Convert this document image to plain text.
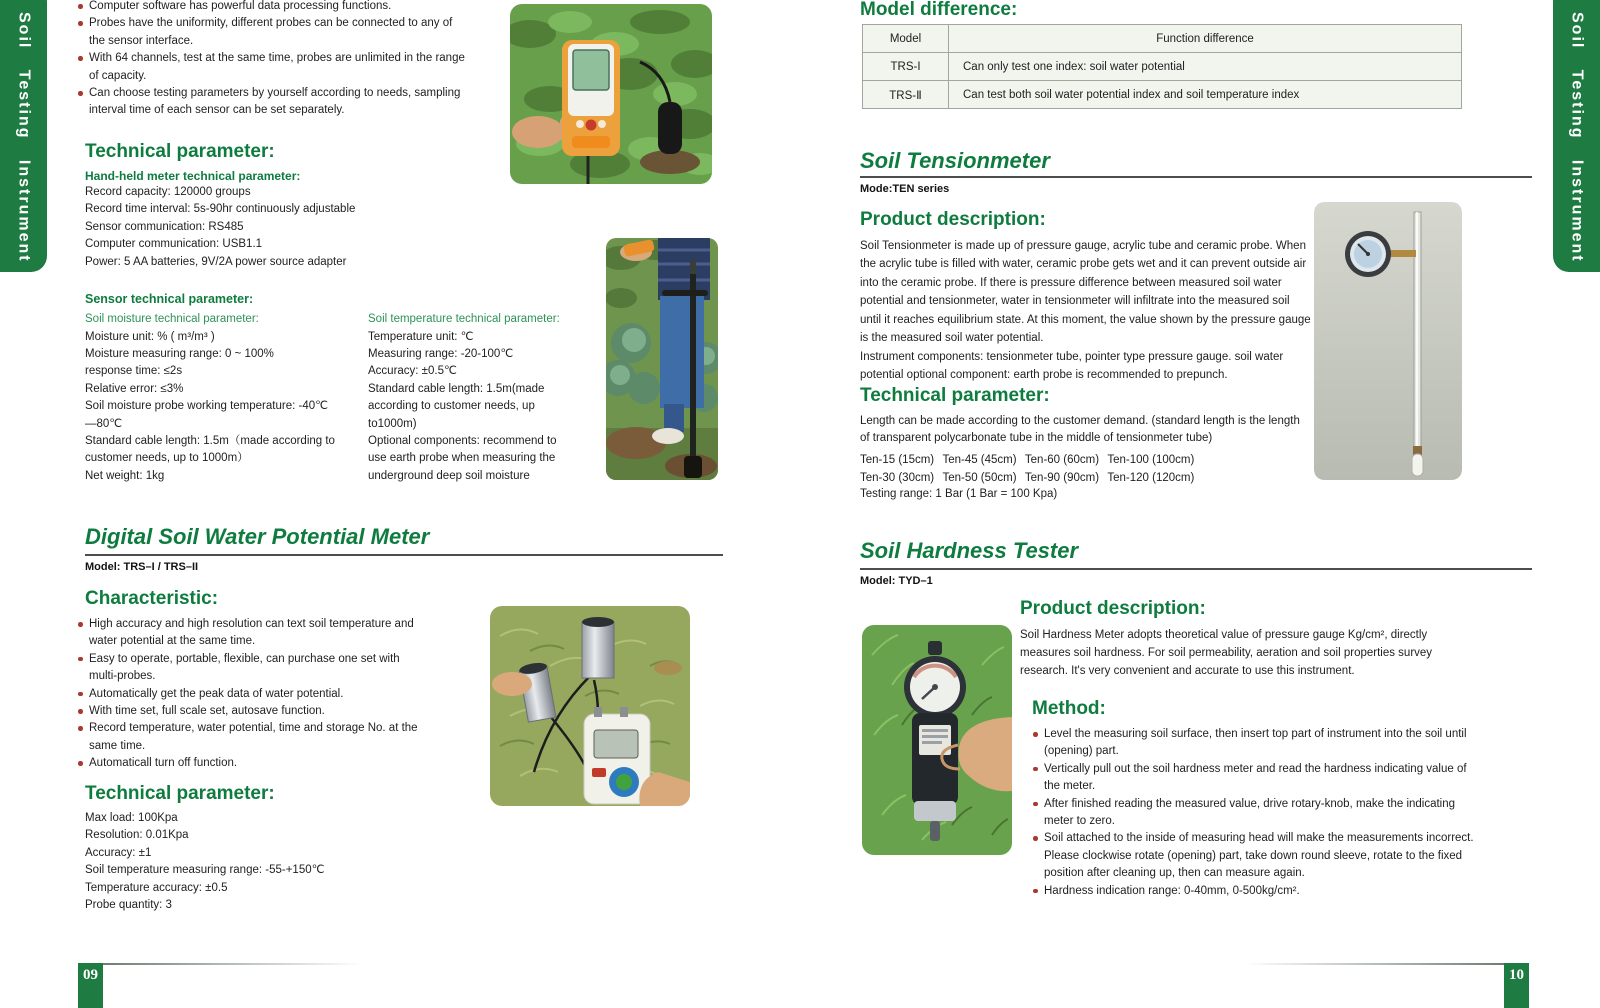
Soil Testing Instrument	Soil Testing Instrument
Computer software has powerful data processing functions.
Probes have the uniformity, different probes can be connected to any of the sensor interface.
With 64 channels, test at the same time, probes are unlimited in the range of capacity.
Can choose testing parameters by yourself according to needs, sampling interval time of each sensor can be set separately.
Technical parameter:
Hand-held meter technical parameter:
Record capacity: 120000 groups
Record time interval: 5s-90hr continuously adjustable
Sensor communication: RS485
Computer communication: USB1.1
Power: 5 AA batteries, 9V/2A power source adapter
Sensor technical parameter:
Soil moisture technical parameter:
Moisture unit: % ( m³/m³ )
Moisture measuring range: 0 ~ 100%
response time: ≤2s
Relative error: ≤3%
Soil moisture probe working temperature: -40℃—80℃
Standard cable length: 1.5m（made according to customer needs, up to 1000m）
Net weight: 1kg
Soil temperature technical parameter:
Temperature unit: ℃
Measuring range: -20-100℃
Accuracy: ±0.5℃
Standard cable length: 1.5m(made according to customer needs, up to1000m)
Optional components: recommend to use earth probe when measuring the underground deep soil moisture
Digital Soil Water Potential Meter
Model: TRS–I / TRS–II
Characteristic:
High accuracy and high resolution can text soil temperature and water potential at the same time.
Easy to operate, portable, flexible, can purchase one set with multi-probes.
Automatically get the peak data of water potential.
With time set, full scale set, autosave function.
Record temperature, water potential, time and storage No. at the same time.
Automaticall turn off function.
Technical parameter:
Max load: 100Kpa
Resolution: 0.01Kpa
Accuracy: ±1
Soil temperature measuring range: -55-+150℃
Temperature accuracy: ±0.5
Probe quantity: 3
09
Model difference:
Model	Function difference
TRS-I	Can only test one index: soil water potential
TRS-Ⅱ	Can test both soil water potential index and soil temperature index
Soil Tensionmeter
Mode:TEN series
Product description:
Soil Tensionmeter is made up of pressure gauge, acrylic tube and ceramic probe. When the acrylic tube is filled with water, ceramic probe gets wet and it can prevent outside air into the ceramic probe. If there is pressure difference between measured soil water potential and tensionmeter, water in tensionmeter will infiltrate into the measured soil until it reaches equilibrium state. At this moment, the value shown by the pressure gauge is the measured soil water potential.
Instrument components: tensionmeter tube, pointer type pressure gauge. soil water potential optional component: earth probe is recommended to prepunch.
Technical parameter:
Length can be made according to the customer demand. (standard length is the length of transparent polycarbonate tube in the middle of tensionmeter tube)
Ten-15 (15cm) Ten-45 (45cm) Ten-60 (60cm) Ten-100 (100cm)
Ten-30 (30cm) Ten-50 (50cm) Ten-90 (90cm) Ten-120 (120cm)
Testing range: 1 Bar (1 Bar = 100 Kpa)
Soil Hardness Tester
Model: TYD–1
Product description:
Soil Hardness Meter adopts theoretical value of pressure gauge Kg/cm², directly measures soil hardness. For soil permeability, aeration and soil properties survey research. It's very convenient and accurate to use this instrument.
Method:
Level the measuring soil surface, then insert top part of instrument into the soil until (opening) part.
Vertically pull out the soil hardness meter and read the hardness indicating value of the meter.
After finished reading the measured value, drive rotary-knob, make the indicating meter to zero.
Soil attached to the inside of measuring head will make the measurements incorrect. Please clockwise rotate (opening) part, take down round sleeve, rotate to the fixed position after cleaning up, then can measure again.
Hardness indication range: 0-40mm, 0-500kg/cm².
10
